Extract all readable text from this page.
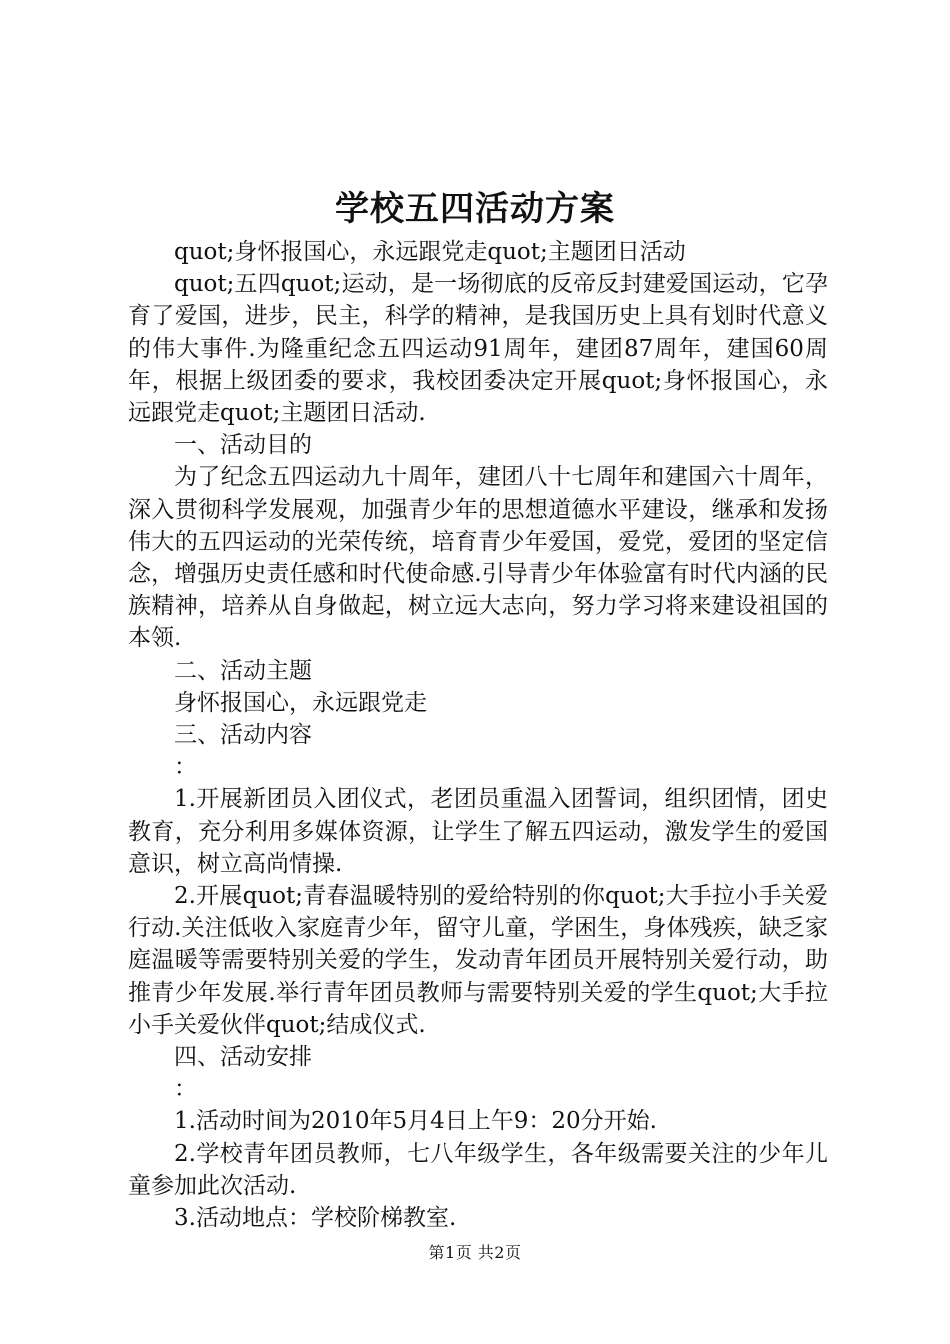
学校五四活动方案

quot;身怀报国心，永远跟党走quot;主题团日活动

quot;五四quot;运动，是一场彻底的反帝反封建爱国运动，它孕育了爱国，进步，民主，科学的精神，是我国历史上具有划时代意义的伟大事件.为隆重纪念五四运动91周年，建团87周年，建国60周年，根据上级团委的要求，我校团委决定开展quot;身怀报国心，永远跟党走quot;主题团日活动.

一、活动目的

为了纪念五四运动九十周年，建团八十七周年和建国六十周年，深入贯彻科学发展观，加强青少年的思想道德水平建设，继承和发扬伟大的五四运动的光荣传统，培育青少年爱国，爱党，爱团的坚定信念，增强历史责任感和时代使命感.引导青少年体验富有时代内涵的民族精神，培养从自身做起，树立远大志向，努力学习将来建设祖国的本领.

二、活动主题

身怀报国心，永远跟党走

三、活动内容

：

1.开展新团员入团仪式，老团员重温入团誓词，组织团情，团史教育，充分利用多媒体资源，让学生了解五四运动，激发学生的爱国意识，树立高尚情操.

2.开展quot;青春温暖特别的爱给特别的你quot;大手拉小手关爱行动.关注低收入家庭青少年，留守儿童，学困生，身体残疾，缺乏家庭温暖等需要特别关爱的学生，发动青年团员开展特别关爱行动，助推青少年发展.举行青年团员教师与需要特别关爱的学生quot;大手拉小手关爱伙伴quot;结成仪式.

四、活动安排

：

1.活动时间为2010年5月4日上午9：20分开始.

2.学校青年团员教师，七八年级学生，各年级需要关注的少年儿童参加此次活动.

3.活动地点：学校阶梯教室.

第1页 共2页
